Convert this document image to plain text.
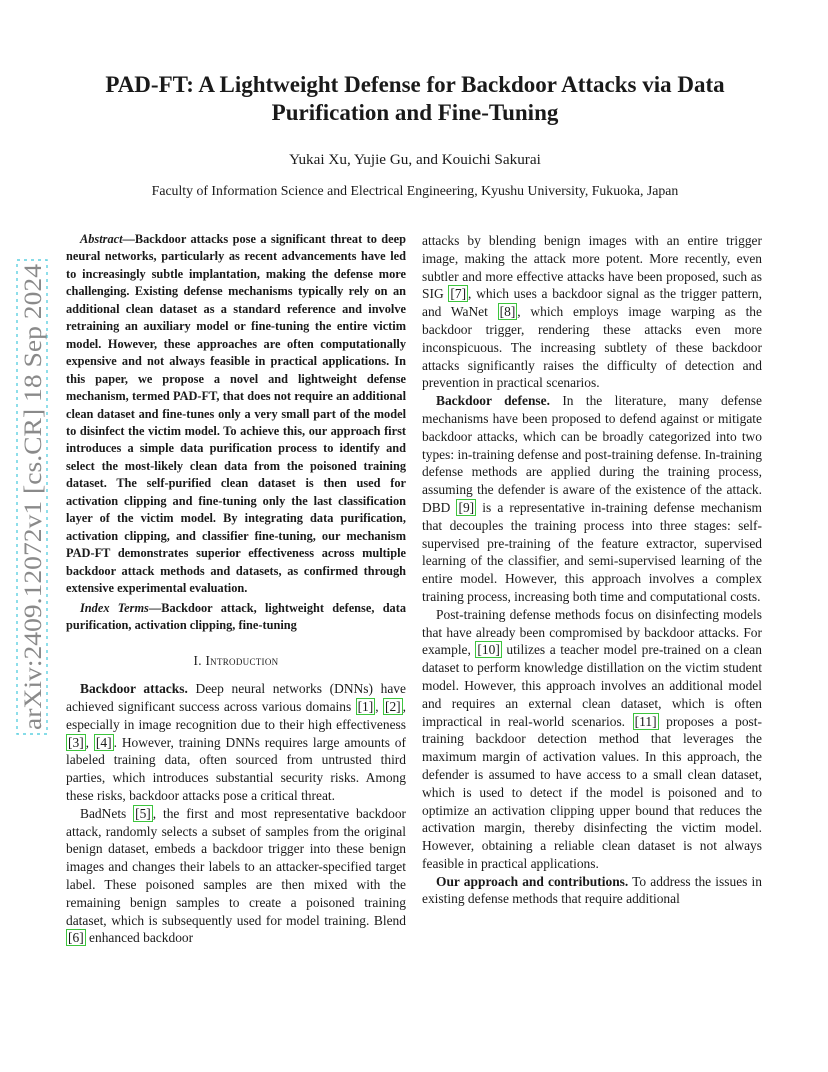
arXiv:2409.12072v1 [cs.CR] 18 Sep 2024
PAD-FT: A Lightweight Defense for Backdoor Attacks via Data
Purification and Fine-Tuning

Yukai Xu, Yujie Gu, and Kouichi Sakurai

Faculty of Information Science and Electrical Engineering, Kyushu University, Fukuoka, Japan

Abstract—Backdoor attacks pose a significant threat to deep neural networks, particularly as recent advancements have led to increasingly subtle implantation, making the defense more challenging. Existing defense mechanisms typically rely on an additional clean dataset as a standard reference and involve retraining an auxiliary model or fine-tuning the entire victim model. However, these approaches are often computationally expensive and not always feasible in practical applications. In this paper, we propose a novel and lightweight defense mechanism, termed PAD-FT, that does not require an additional clean dataset and fine-tunes only a very small part of the model to disinfect the victim model. To achieve this, our approach first introduces a simple data purification process to identify and select the most-likely clean data from the poisoned training dataset. The self-purified clean dataset is then used for activation clipping and fine-tuning only the last classification layer of the victim model. By integrating data purification, activation clipping, and classifier fine-tuning, our mechanism PAD-FT demonstrates superior effectiveness across multiple backdoor attack methods and datasets, as confirmed through extensive experimental evaluation.

Index Terms—Backdoor attack, lightweight defense, data purification, activation clipping, fine-tuning

I. Introduction

Backdoor attacks. Deep neural networks (DNNs) have achieved significant success across various domains [1] , [2] , especially in image recognition due to their high effectiveness [3] , [4] . However, training DNNs requires large amounts of labeled training data, often sourced from untrusted third parties, which introduces substantial security risks. Among these risks, backdoor attacks pose a critical threat.

BadNets [5] , the first and most representative backdoor attack, randomly selects a subset of samples from the original benign dataset, embeds a backdoor trigger into these benign images and changes their labels to an attacker-specified target label. These poisoned samples are then mixed with the remaining benign samples to create a poisoned training dataset, which is subsequently used for model training. Blend [6] enhanced backdoor

attacks by blending benign images with an entire trigger image, making the attack more potent. More recently, even subtler and more effective attacks have been proposed, such as SIG [7] , which uses a backdoor signal as the trigger pattern, and WaNet [8] , which employs image warping as the backdoor trigger, rendering these attacks even more inconspicuous. The increasing subtlety of these backdoor attacks significantly raises the difficulty of detection and prevention in practical scenarios.

Backdoor defense. In the literature, many defense mechanisms have been proposed to defend against or mitigate backdoor attacks, which can be broadly categorized into two types: in-training defense and post-training defense. In-training defense methods are applied during the training process, assuming the defender is aware of the existence of the attack. DBD [9] is a representative in-training defense mechanism that decouples the training process into three stages: self-supervised pre-training of the feature extractor, supervised learning of the classifier, and semi-supervised learning of the entire model. However, this approach involves a complex training process, increasing both time and computational costs.

Post-training defense methods focus on disinfecting models that have already been compromised by backdoor attacks. For example, [10] utilizes a teacher model pre-trained on a clean dataset to perform knowledge distillation on the victim student model. However, this approach involves an additional model and requires an external clean dataset, which is often impractical in real-world scenarios. [11] proposes a post-training backdoor detection method that leverages the maximum margin of activation values. In this approach, the defender is assumed to have access to a small clean dataset, which is used to detect if the model is poisoned and to optimize an activation clipping upper bound that reduces the activation margin, thereby disinfecting the victim model. However, obtaining a reliable clean dataset is not always feasible in practical applications.

Our approach and contributions. To address the issues in existing defense methods that require additional
